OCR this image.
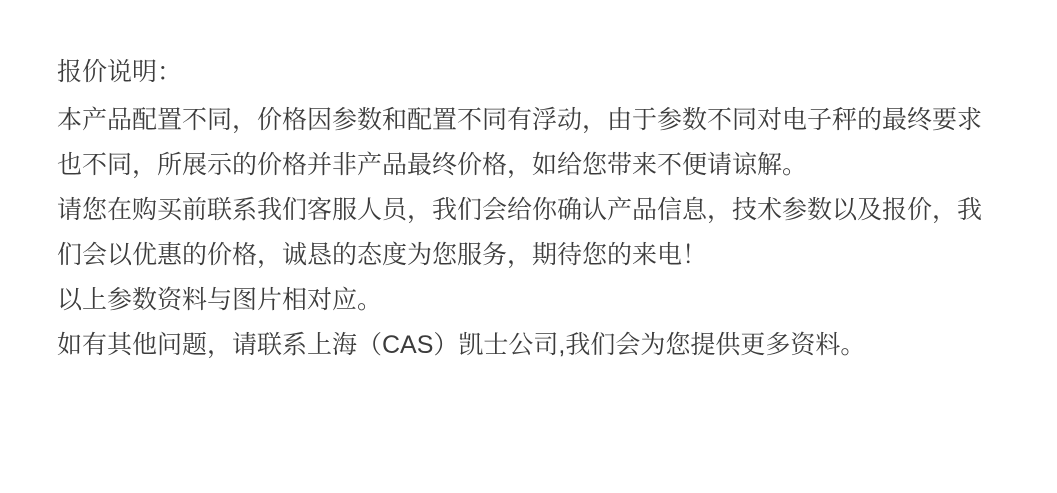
报价说明：
本产品配置不同，价格因参数和配置不同有浮动，由于参数不同对电子秤的最终要求
也不同，所展示的价格并非产品最终价格，如给您带来不便请谅解。
请您在购买前联系我们客服人员，我们会给你确认产品信息，技术参数以及报价，我
们会以优惠的价格，诚恳的态度为您服务，期待您的来电！
以上参数资料与图片相对应。
如有其他问题，请联系上海（CAS）凯士公司,我们会为您提供更多资料。
